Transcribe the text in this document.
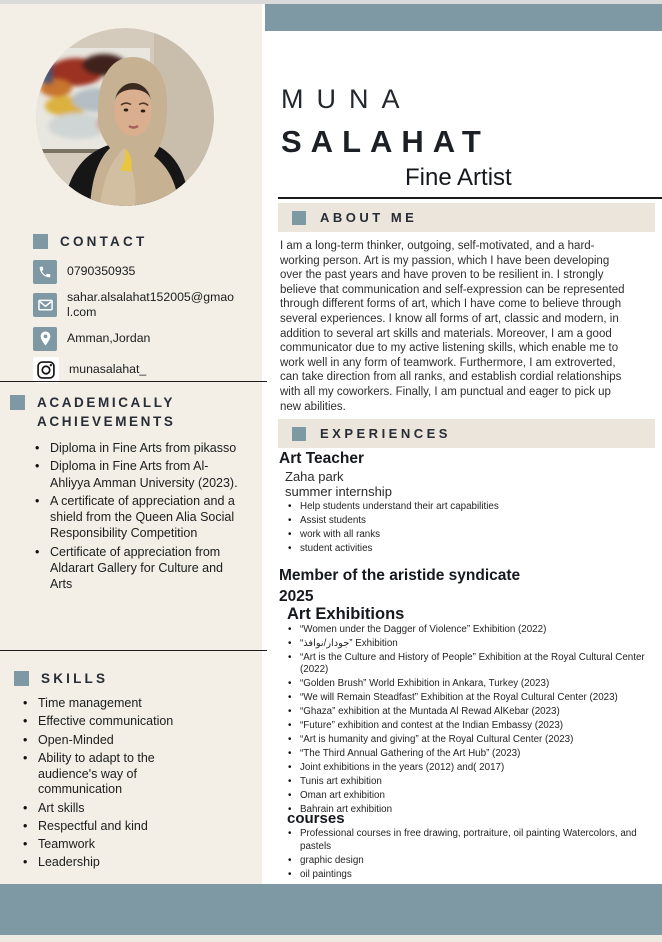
CONTACT
0790350935
sahar.alsalahat152005@gmaol.com
Amman,Jordan
munasalahat_
ACADEMICALLY
ACHIEVEMENTS
• Diploma in Fine Arts from pikasso
• Diploma in Fine Arts from Al-Ahliyya Amman University (2023).
• A certificate of appreciation and a shield from the Queen Alia Social Responsibility Competition
• Certificate of appreciation from Aldarart Gallery for Culture and Arts
SKILLS
• Time management
• Effective communication
• Open-Minded
• Ability to adapt to the audience's way of communication
• Art skills
• Respectful and kind
• Teamwork
• Leadership
MUNA
SALAHAT
Fine Artist
ABOUT ME
I am a long-term thinker, outgoing, self-motivated, and a hard-working person. Art is my passion, which I have been developing over the past years and have proven to be resilient in. I strongly believe that communication and self-expression can be represented through different forms of art, which I have come to believe through several experiences. I know all forms of art, classic and modern, in addition to several art skills and materials. Moreover, I am a good communicator due to my active listening skills, which enable me to work well in any form of teamwork. Furthermore, I am extroverted, can take direction from all ranks, and establish cordial relationships with all my coworkers. Finally, I am punctual and eager to pick up new abilities.
EXPERIENCES
Art Teacher
Zaha park
summer internship
• Help students understand their art capabilities
• Assist students
• work with all ranks
• student activities
Member of the aristide syndicate
2025
Art Exhibitions
• “Women under the Dagger of Violence” Exhibition (2022)
• “جودار/نوافذ” Exhibition
• “Art is the Culture and History of People” Exhibition at the Royal Cultural Center (2022)
• “Golden Brush” World Exhibition in Ankara, Turkey (2023)
• “We will Remain Steadfast” Exhibition at the Royal Cultural Center (2023)
• “Ghaza” exhibition at the Muntada Al Rewad AlKebar (2023)
• “Future” exhibition and contest at the Indian Embassy (2023)
• “Art is humanity and giving” at the Royal Cultural Center (2023)
• “The Third Annual Gathering of the Art Hub” (2023)
• Joint exhibitions in the years (2012) and( 2017)
• Tunis art exhibition
• Oman art exhibition
• Bahrain art exhibition
courses
• Professional courses in free drawing, portraiture, oil painting Watercolors, and pastels
• graphic design
• oil paintings
